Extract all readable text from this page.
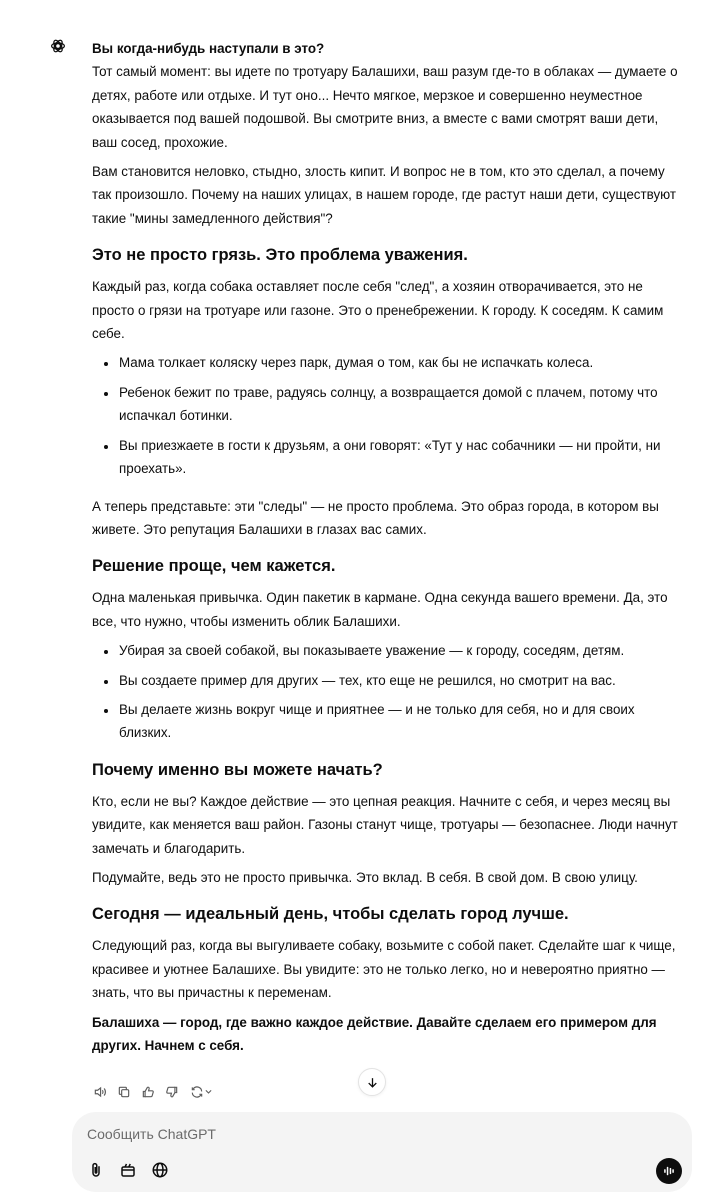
Вы когда-нибудь наступали в это?

Тот самый момент: вы идете по тротуару Балашихи, ваш разум где-то в облаках — думаете о детях, работе или отдыхе. И тут оно... Нечто мягкое, мерзкое и совершенно неуместное оказывается под вашей подошвой. Вы смотрите вниз, а вместе с вами смотрят ваши дети, ваш сосед, прохожие.

Вам становится неловко, стыдно, злость кипит. И вопрос не в том, кто это сделал, а почему так произошло. Почему на наших улицах, в нашем городе, где растут наши дети, существуют такие "мины замедленного действия"?

Это не просто грязь. Это проблема уважения.

Каждый раз, когда собака оставляет после себя "след", а хозяин отворачивается, это не просто о грязи на тротуаре или газоне. Это о пренебрежении. К городу. К соседям. К самим себе.

• Мама толкает коляску через парк, думая о том, как бы не испачкать колеса.
• Ребенок бежит по траве, радуясь солнцу, а возвращается домой с плачем, потому что испачкал ботинки.
• Вы приезжаете в гости к друзьям, а они говорят: «Тут у нас собачники — ни пройти, ни проехать».

А теперь представьте: эти "следы" — не просто проблема. Это образ города, в котором вы живете. Это репутация Балашихи в глазах вас самих.

Решение проще, чем кажется.

Одна маленькая привычка. Один пакетик в кармане. Одна секунда вашего времени. Да, это все, что нужно, чтобы изменить облик Балашихи.

• Убирая за своей собакой, вы показываете уважение — к городу, соседям, детям.
• Вы создаете пример для других — тех, кто еще не решился, но смотрит на вас.
• Вы делаете жизнь вокруг чище и приятнее — и не только для себя, но и для своих близких.
Почему именно вы можете начать?

Кто, если не вы? Каждое действие — это цепная реакция. Начните с себя, и через месяц вы увидите, как меняется ваш район. Газоны станут чище, тротуары — безопаснее. Люди начнут замечать и благодарить.

Подумайте, ведь это не просто привычка. Это вклад. В себя. В свой дом. В свою улицу.

Сегодня — идеальный день, чтобы сделать город лучше.

Следующий раз, когда вы выгуливаете собаку, возьмите с собой пакет. Сделайте шаг к чище, красивее и уютнее Балашихе. Вы увидите: это не только легко, но и невероятно приятно — знать, что вы причастны к переменам.

Балашиха — город, где важно каждое действие. Давайте сделаем его примером для других. Начнем с себя.

Сообщить ChatGPT
